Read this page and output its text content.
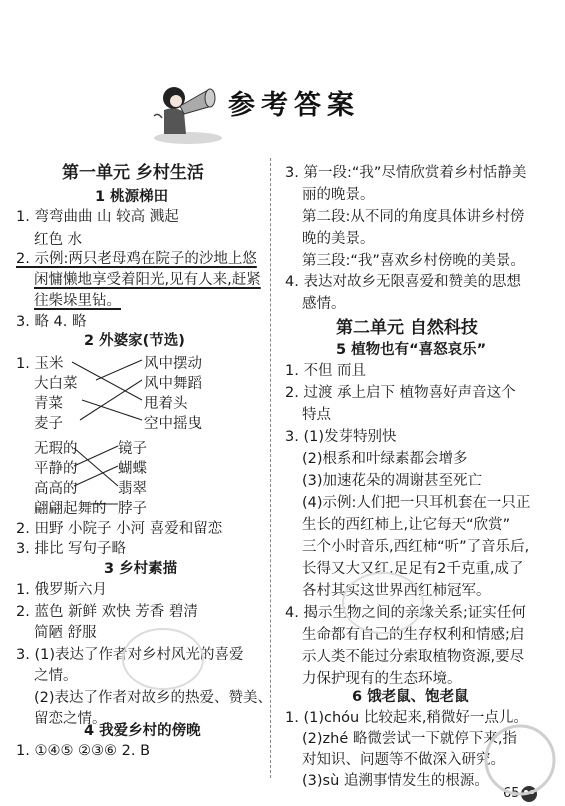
参考答案
第一单元 乡村生活
1 桃源梯田
1. 弯弯曲曲 山 较高 溅起
红色 水
2. 示例:两只老母鸡在院子的沙地上悠
闲慵懒地享受着阳光,见有人来,赶紧
往柴垛里钻。
3. 略 4. 略
2 外婆家(节选)
1. 玉米
大白菜
青菜
麦子
风中摆动
风中舞蹈
甩着头
空中摇曳
无瑕的
平静的
高高的
翩翩起舞的
镜子
蝴蝶
翡翠
脖子
2. 田野 小院子 小河 喜爱和留恋
3. 排比 写句子略
3 乡村素描
1. 俄罗斯六月
2. 蓝色 新鲜 欢快 芳香 碧清
简陋 舒服
3. (1)表达了作者对乡村风光的喜爱
之情。
(2)表达了作者对故乡的热爱、赞美、
留恋之情。
4 我爱乡村的傍晚
1. ①④⑤ ②③⑥ 2. B
3. 第一段:“我”尽情欣赏着乡村恬静美
丽的晚景。
第二段:从不同的角度具体讲乡村傍
晚的美景。
第三段:“我”喜欢乡村傍晚的美景。
4. 表达对故乡无限喜爱和赞美的思想
感情。
第二单元 自然科技
5 植物也有“喜怒哀乐”
1. 不但 而且
2. 过渡 承上启下 植物喜好声音这个
特点
3. (1)发芽特别快
(2)根系和叶绿素都会增多
(3)加速花朵的凋谢甚至死亡
(4)示例:人们把一只耳机套在一只正
生长的西红柿上,让它每天“欣赏”
三个小时音乐,西红柿“听”了音乐后,
长得又大又红,足足有2千克重,成了
各村其实这世界西红柿冠军。
4. 揭示生物之间的亲缘关系;证实任何
生命都有自己的生存权利和情感;启
示人类不能过分索取植物资源,要尽
力保护现有的生态环境。
6 饿老鼠、饱老鼠
1. (1)chóu 比较起来,稍微好一点儿。
(2)zhé 略微尝试一下就停下来,指
对知识、问题等不做深入研究。
(3)sù 追溯事情发生的根源。
65
